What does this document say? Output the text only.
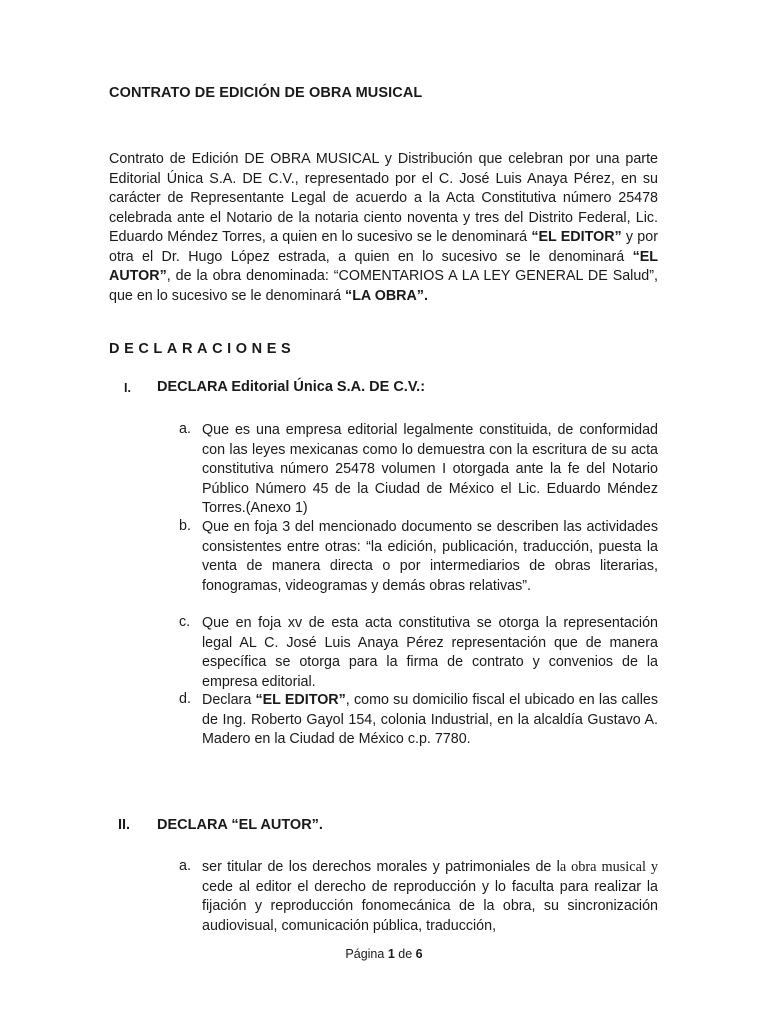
CONTRATO DE EDICIÓN DE OBRA MUSICAL

Contrato de Edición DE OBRA MUSICAL y Distribución que celebran por una parte Editorial Única S.A. DE C.V., representado por el C. José Luis Anaya Pérez, en su carácter de Representante Legal de acuerdo a la Acta Constitutiva número 25478 celebrada ante el Notario de la notaria ciento noventa y tres del Distrito Federal, Lic. Eduardo Méndez Torres, a quien en lo sucesivo se le denominará “EL EDITOR” y por otra el Dr. Hugo López estrada, a quien en lo sucesivo se le denominará “EL AUTOR”, de la obra denominada: “COMENTARIOS A LA LEY GENERAL DE Salud”, que en lo sucesivo se le denominará “LA OBRA”.

DECLARACIONES
I. DECLARA Editorial Única S.A. DE C.V.:
a. Que es una empresa editorial legalmente constituida, de conformidad con las leyes mexicanas como lo demuestra con la escritura de su acta constitutiva número 25478 volumen I otorgada ante la fe del Notario Público Número 45 de la Ciudad de México el Lic. Eduardo Méndez Torres.(Anexo 1)

b. Que en foja 3 del mencionado documento se describen las actividades consistentes entre otras: “la edición, publicación, traducción, puesta la venta de manera directa o por intermediarios de obras literarias, fonogramas, videogramas y demás obras relativas”.

c. Que en foja xv de esta acta constitutiva se otorga la representación legal AL C. José Luis Anaya Pérez representación que de manera específica se otorga para la firma de contrato y convenios de la empresa editorial.

d. Declara “EL EDITOR”, como su domicilio fiscal el ubicado en las calles de Ing. Roberto Gayol 154, colonia Industrial, en la alcaldía Gustavo A. Madero en la Ciudad de México c.p. 7780.

II. DECLARA “EL AUTOR”.
a. ser titular de los derechos morales y patrimoniales de la obra musical y cede al editor el derecho de reproducción y lo faculta para realizar la fijación y reproducción fonomecánica de la obra, su sincronización audiovisual, comunicación pública, traducción,

Página 1 de 6
